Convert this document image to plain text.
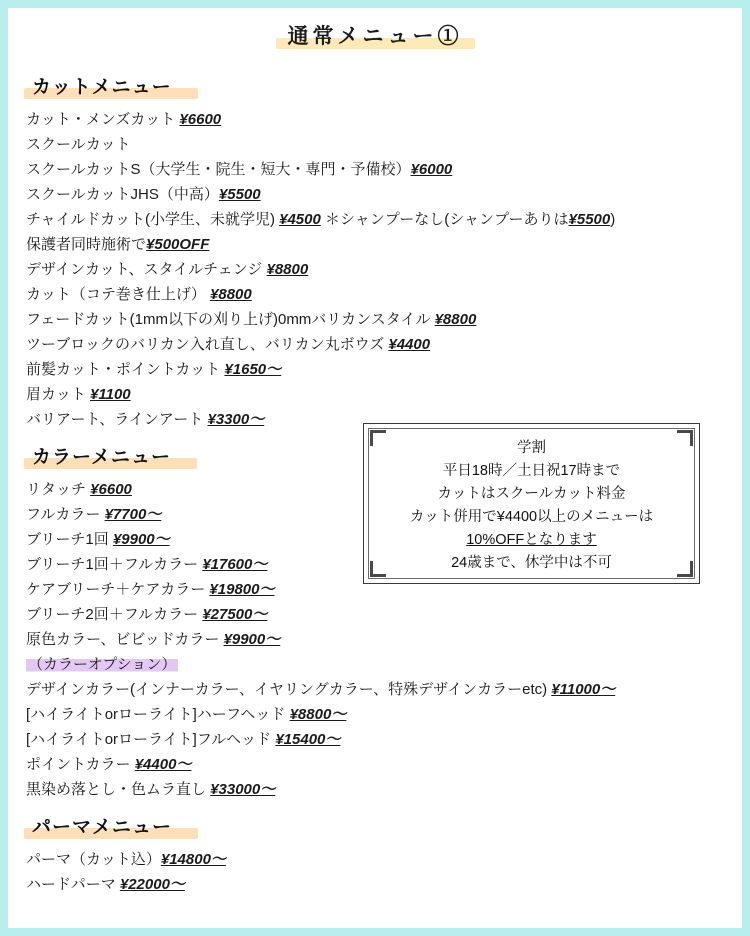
通常メニュー①
カットメニュー
カット・メンズカット ¥6600
スクールカット
スクールカットS（大学生・院生・短大・専門・予備校）¥6000
スクールカットJHS（中高）¥5500
チャイルドカット(小学生、未就学児) ¥4500 ＊シャンプーなし(シャンプーありは¥5500)
保護者同時施術で¥500OFF
デザインカット、スタイルチェンジ ¥8800
カット（コテ巻き仕上げ） ¥8800
フェードカット(1mm以下の刈り上げ)0mmバリカンスタイル ¥8800
ツーブロックのバリカン入れ直し、バリカン丸ボウズ ¥4400
前髪カット・ポイントカット ¥1650〜
眉カット ¥1100
バリアート、ラインアート ¥3300〜
カラーメニュー
リタッチ ¥6600
フルカラー ¥7700〜
ブリーチ1回 ¥9900〜
ブリーチ1回＋フルカラー ¥17600〜
ケアブリーチ＋ケアカラー ¥19800〜
ブリーチ2回＋フルカラー ¥27500〜
原色カラー、ビビッドカラー ¥9900〜
（カラーオプション）
デザインカラー(インナーカラー、イヤリングカラー、特殊デザインカラーetc) ¥11000〜
[ハイライトorローライト]ハーフヘッド ¥8800〜
[ハイライトorローライト]フルヘッド ¥15400〜
ポイントカラー ¥4400〜
黒染め落とし・色ムラ直し ¥33000〜
パーマメニュー
パーマ（カット込）¥14800〜
ハードパーマ ¥22000〜
学割
平日18時／土日祝17時まで
カットはスクールカット料金
カット併用で¥4400以上のメニューは
10%OFFとなります
24歳まで、休学中は不可
